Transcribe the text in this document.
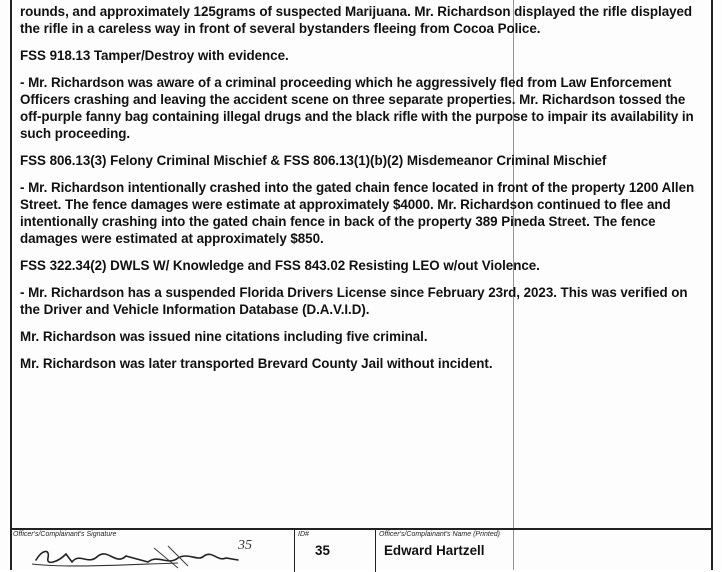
rounds, and approximately 125grams of suspected Marijuana. Mr. Richardson displayed the rifle displayed the rifle in a careless way in front of several bystanders fleeing from Cocoa Police.

FSS 918.13 Tamper/Destroy with evidence.

- Mr. Richardson was aware of a criminal proceeding which he aggressively fled from Law Enforcement Officers crashing and leaving the accident scene on three separate properties. Mr. Richardson tossed the off-purple fanny bag containing illegal drugs and the black rifle with the purpose to impair its availability in such proceeding.

FSS 806.13(3) Felony Criminal Mischief & FSS 806.13(1)(b)(2) Misdemeanor Criminal Mischief

- Mr. Richardson intentionally crashed into the gated chain fence located in front of the property 1200 Allen Street. The fence damages were estimate at approximately $4000. Mr. Richardson continued to flee and intentionally crashing into the gated chain fence in back of the property 389 Pineda Street. The fence damages were estimated at approximately $850.

FSS 322.34(2) DWLS W/ Knowledge and FSS 843.02 Resisting LEO w/out Violence.

- Mr. Richardson has a suspended Florida Drivers License since February 23rd, 2023. This was verified on the Driver and Vehicle Information Database (D.A.V.I.D).

Mr. Richardson was issued nine citations including five criminal.

Mr. Richardson was later transported Brevard County Jail without incident.

Officer's/Complainant's Signature
35
ID#
35
Officer's/Complainant's Name (Printed)
Edward Hartzell
